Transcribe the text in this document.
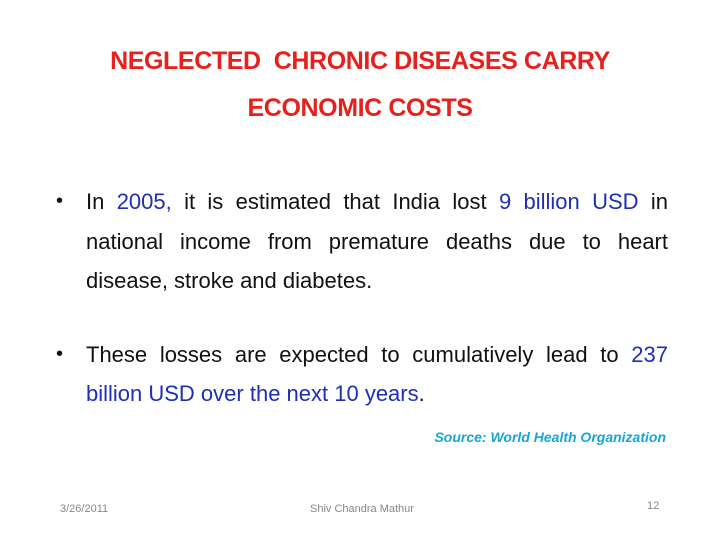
NEGLECTED  CHRONIC DISEASES CARRY
ECONOMIC COSTS
• In 2005, it is estimated that India lost 9 billion USD in national income from premature deaths due to heart disease, stroke and diabetes.
• These losses are expected to cumulatively lead to 237 billion USD over the next 10 years.
Source: World Health Organization
3/26/2011	Shiv Chandra Mathur	12
